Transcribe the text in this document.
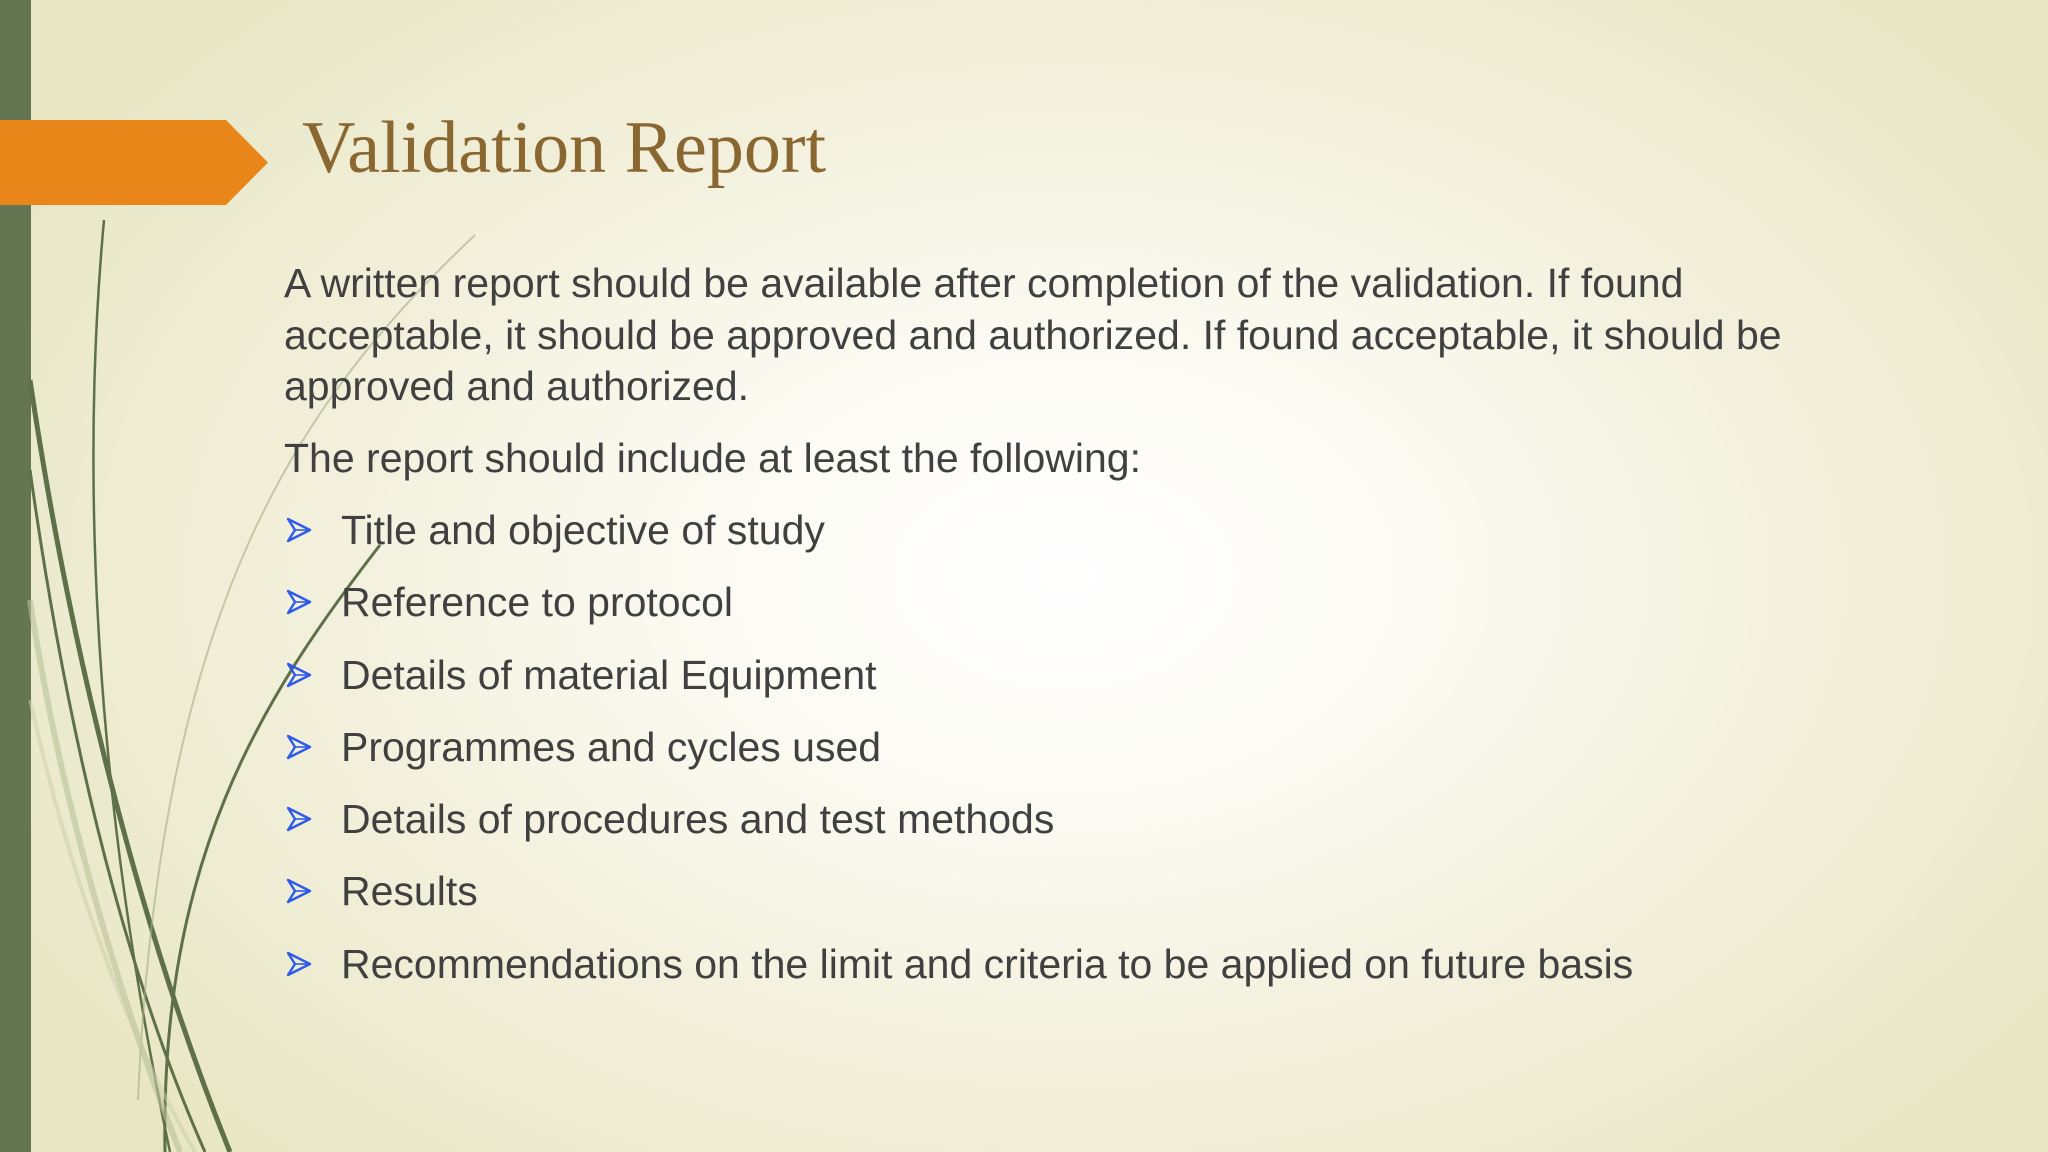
Validation Report

A written report should be available after completion of the validation. If found acceptable, it should be approved and authorized. If found acceptable, it should be approved and authorized.

The report should include at least the following:

Title and objective of study
Reference to protocol
Details of material Equipment
Programmes and cycles used
Details of procedures and test methods
Results
Recommendations on the limit and criteria to be applied on future basis
